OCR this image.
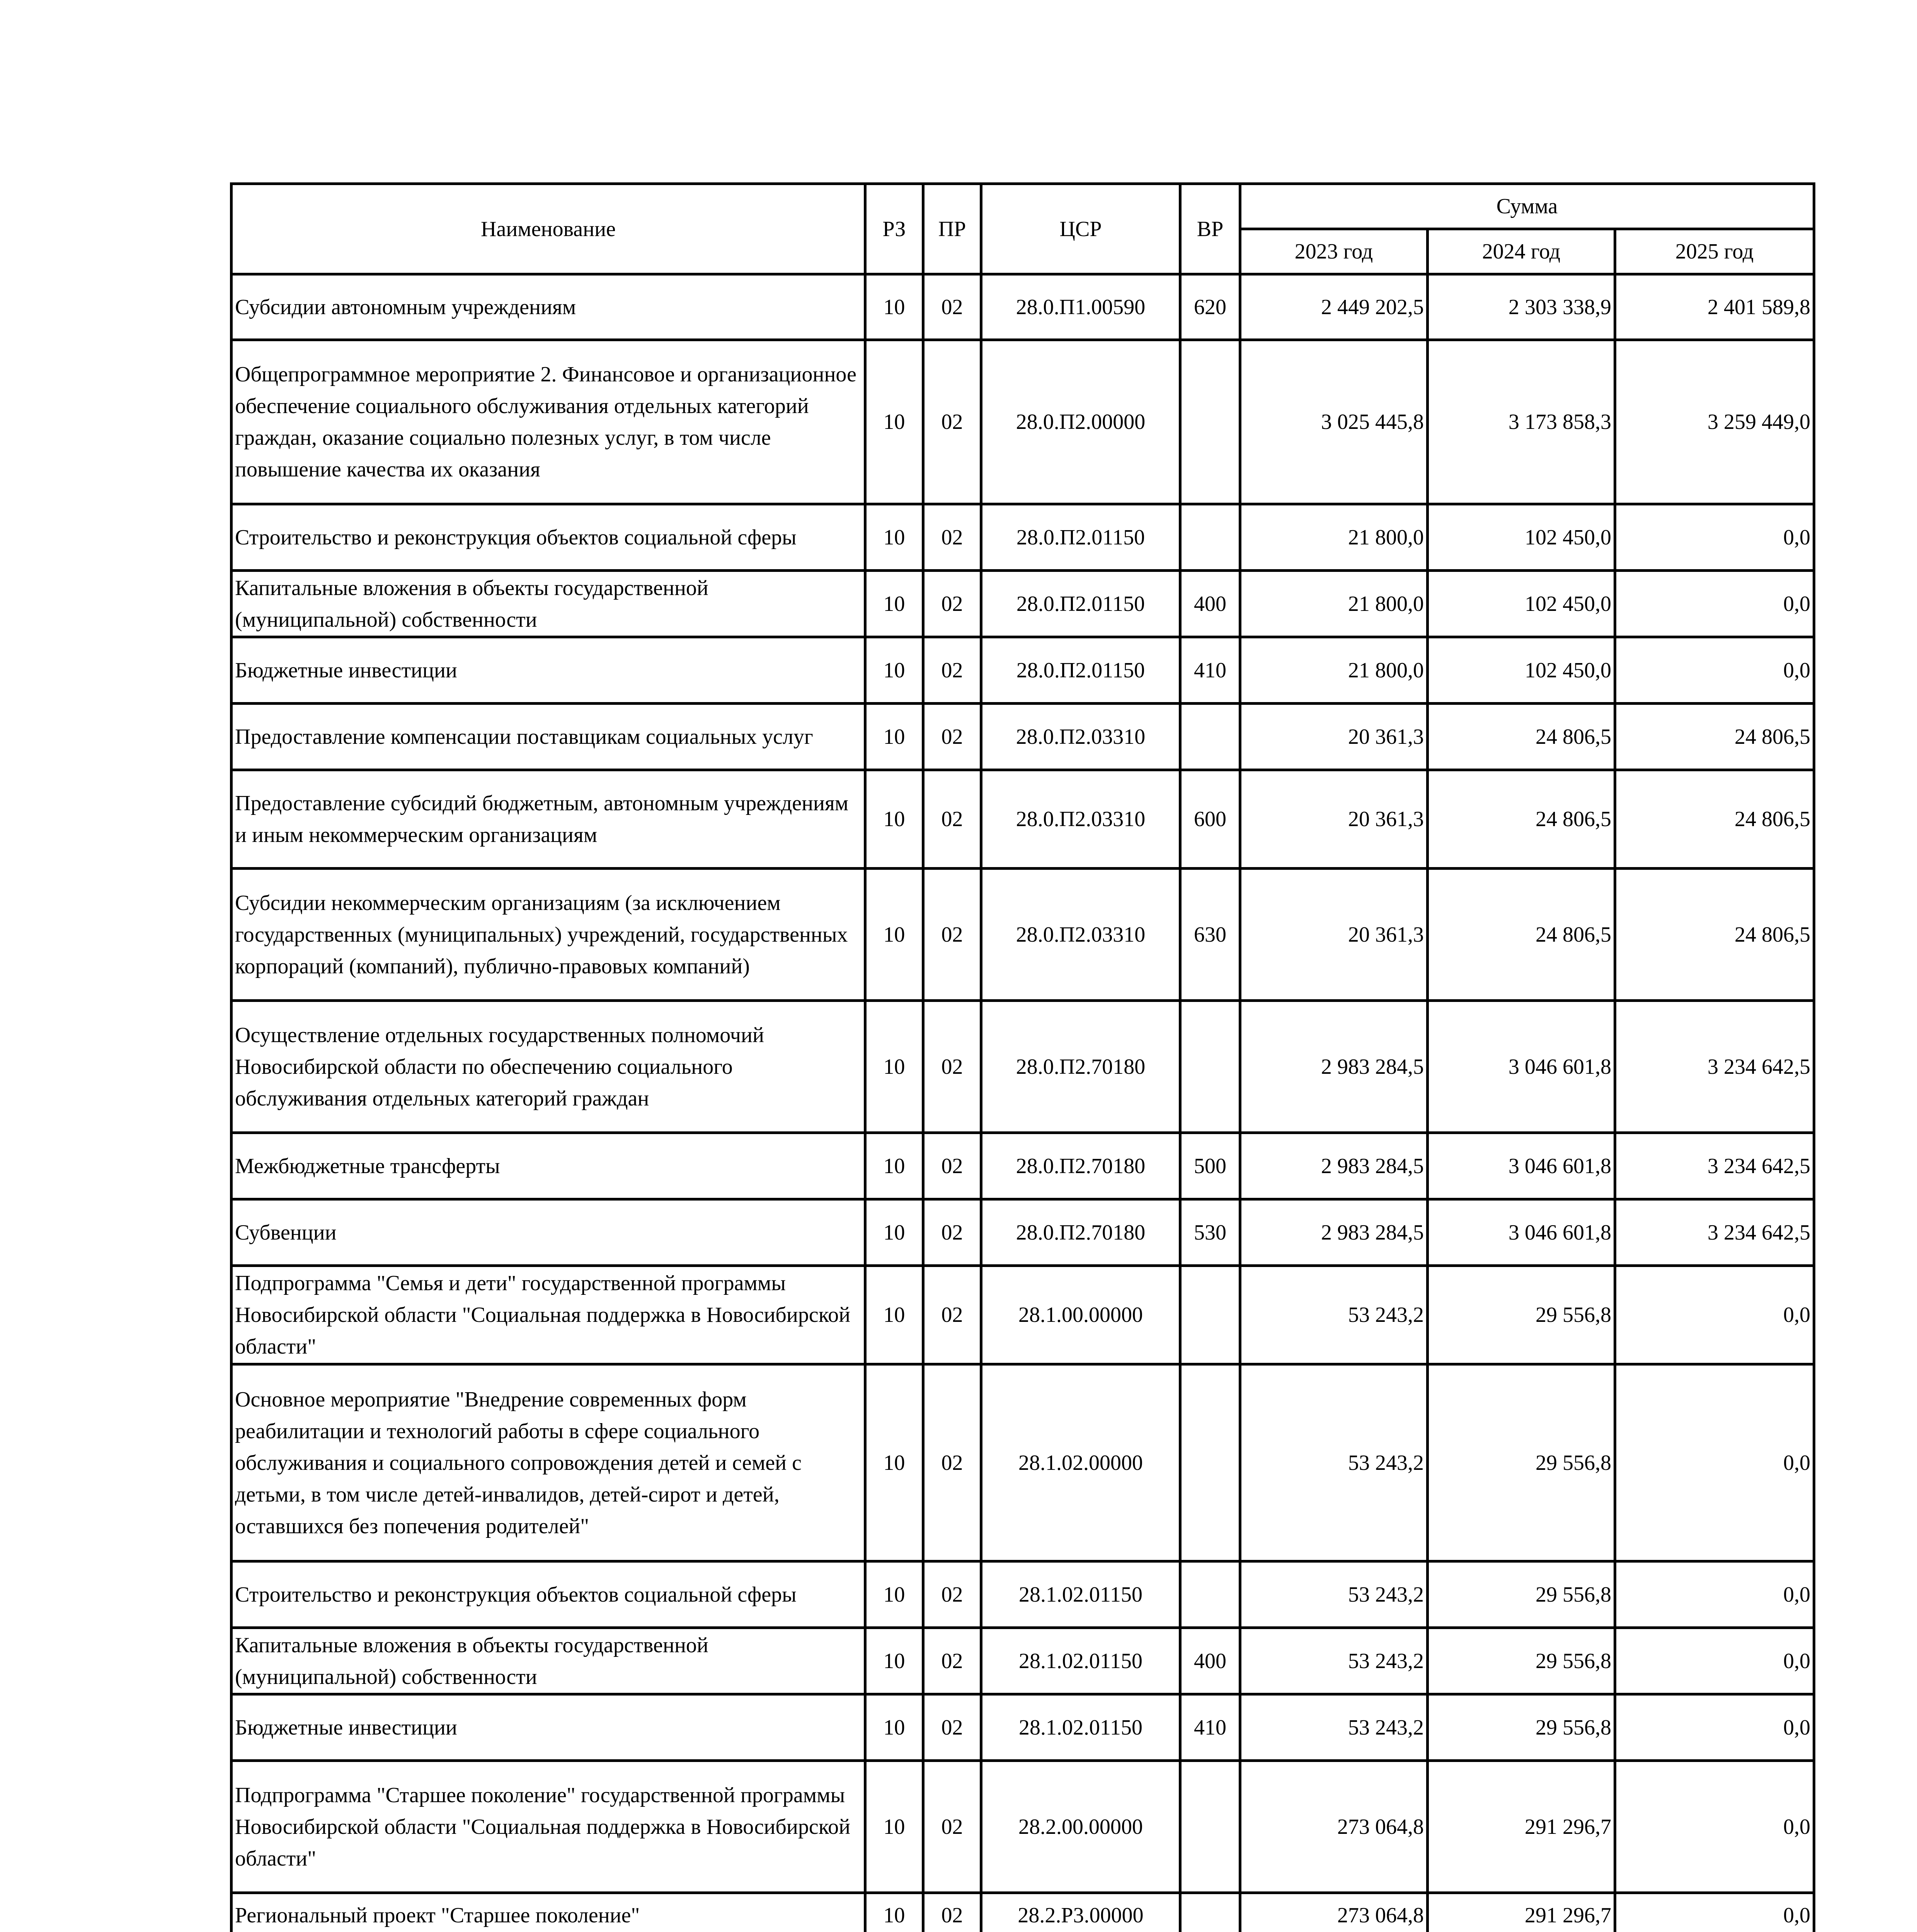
Наименование	РЗ	ПР	ЦСР	ВР	Сумма		
					2023 год	2024 год	2025 год
Субсидии автономным учреждениям	10	02	28.0.П1.00590	620	2 449 202,5	2 303 338,9	2 401 589,8
Общепрограммное мероприятие 2. Финансовое и организационное обеспечение социального обслуживания отдельных категорий граждан, оказание социально полезных услуг, в том числе повышение качества их оказания	10	02	28.0.П2.00000		3 025 445,8	3 173 858,3	3 259 449,0
Строительство и реконструкция объектов социальной сферы	10	02	28.0.П2.01150		21 800,0	102 450,0	0,0
Капитальные вложения в объекты государственной (муниципальной) собственности	10	02	28.0.П2.01150	400	21 800,0	102 450,0	0,0
Бюджетные инвестиции	10	02	28.0.П2.01150	410	21 800,0	102 450,0	0,0
Предоставление компенсации поставщикам социальных услуг	10	02	28.0.П2.03310		20 361,3	24 806,5	24 806,5
Предоставление субсидий бюджетным, автономным учреждениям и иным некоммерческим организациям	10	02	28.0.П2.03310	600	20 361,3	24 806,5	24 806,5
Субсидии некоммерческим организациям (за исключением государственных (муниципальных) учреждений, государственных корпораций (компаний), публично-правовых компаний)	10	02	28.0.П2.03310	630	20 361,3	24 806,5	24 806,5
Осуществление отдельных государственных полномочий Новосибирской области по обеспечению социального обслуживания отдельных категорий граждан	10	02	28.0.П2.70180		2 983 284,5	3 046 601,8	3 234 642,5
Межбюджетные трансферты	10	02	28.0.П2.70180	500	2 983 284,5	3 046 601,8	3 234 642,5
Субвенции	10	02	28.0.П2.70180	530	2 983 284,5	3 046 601,8	3 234 642,5
Подпрограмма "Семья и дети" государственной программы Новосибирской области "Социальная поддержка в Новосибирской области"	10	02	28.1.00.00000		53 243,2	29 556,8	0,0
Основное мероприятие "Внедрение современных форм реабилитации и технологий работы в сфере социального обслуживания и социального сопровождения детей и семей с детьми, в том числе детей-инвалидов, детей-сирот и детей, оставшихся без попечения родителей"	10	02	28.1.02.00000		53 243,2	29 556,8	0,0
Строительство и реконструкция объектов социальной сферы	10	02	28.1.02.01150		53 243,2	29 556,8	0,0
Капитальные вложения в объекты государственной (муниципальной) собственности	10	02	28.1.02.01150	400	53 243,2	29 556,8	0,0
Бюджетные инвестиции	10	02	28.1.02.01150	410	53 243,2	29 556,8	0,0
Подпрограмма "Старшее поколение" государственной программы Новосибирской области "Социальная поддержка в Новосибирской области"	10	02	28.2.00.00000		273 064,8	291 296,7	0,0
Региональный проект "Старшее поколение"	10	02	28.2.Р3.00000		273 064,8	291 296,7	0,0
